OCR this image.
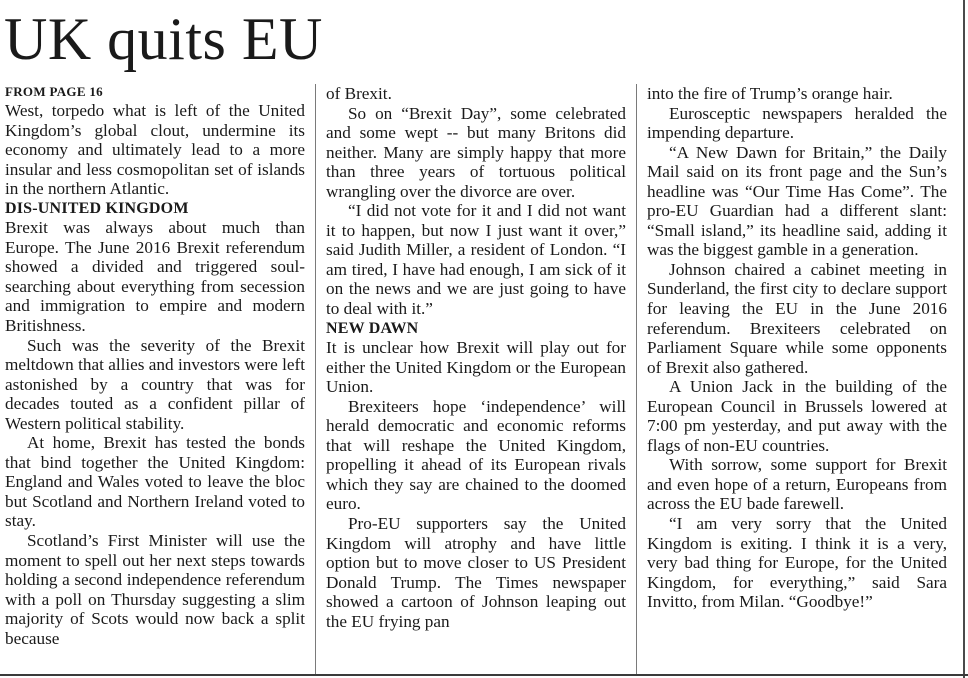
UK quits EU
FROM PAGE 16

West, torpedo what is left of the United Kingdom’s global clout, undermine its economy and ultimately lead to a more insular and less cosmopolitan set of islands in the northern Atlantic.

DIS-UNITED KINGDOM

Brexit was always about much than Europe. The June 2016 Brexit referendum showed a divided and triggered soul-searching about everything from secession and immigration to empire and modern Britishness.

Such was the severity of the Brexit meltdown that allies and investors were left astonished by a country that was for decades touted as a confident pillar of Western political stability.

At home, Brexit has tested the bonds that bind together the United Kingdom: England and Wales voted to leave the bloc but Scotland and Northern Ireland voted to stay.

Scotland’s First Minister will use the moment to spell out her next steps towards holding a second independence referendum with a poll on Thursday suggesting a slim majority of Scots would now back a split because

of Brexit.

So on “Brexit Day”, some celebrated and some wept -- but many Britons did neither. Many are simply happy that more than three years of tortuous political wrangling over the divorce are over.

“I did not vote for it and I did not want it to happen, but now I just want it over,” said Judith Miller, a resident of London. “I am tired, I have had enough, I am sick of it on the news and we are just going to have to deal with it.”

NEW DAWN

It is unclear how Brexit will play out for either the United Kingdom or the European Union.

Brexiteers hope ‘independence’ will herald democratic and economic reforms that will reshape the United Kingdom, propelling it ahead of its European rivals which they say are chained to the doomed euro.

Pro-EU supporters say the United Kingdom will atrophy and have little option but to move closer to US President Donald Trump. The Times newspaper showed a cartoon of Johnson leaping out the EU frying pan

into the fire of Trump’s orange hair.

Eurosceptic newspapers heralded the impending departure.

“A New Dawn for Britain,” the Daily Mail said on its front page and the Sun’s headline was “Our Time Has Come”. The pro-EU Guardian had a different slant: “Small island,” its headline said, adding it was the biggest gamble in a generation.

Johnson chaired a cabinet meeting in Sunderland, the first city to declare support for leaving the EU in the June 2016 referendum. Brexiteers celebrated on Parliament Square while some opponents of Brexit also gathered.

A Union Jack in the building of the European Council in Brussels lowered at 7:00 pm yesterday, and put away with the flags of non-EU countries.

With sorrow, some support for Brexit and even hope of a return, Europeans from across the EU bade farewell.

“I am very sorry that the United Kingdom is exiting. I think it is a very, very bad thing for Europe, for the United Kingdom, for everything,” said Sara Invitto, from Milan. “Goodbye!”
